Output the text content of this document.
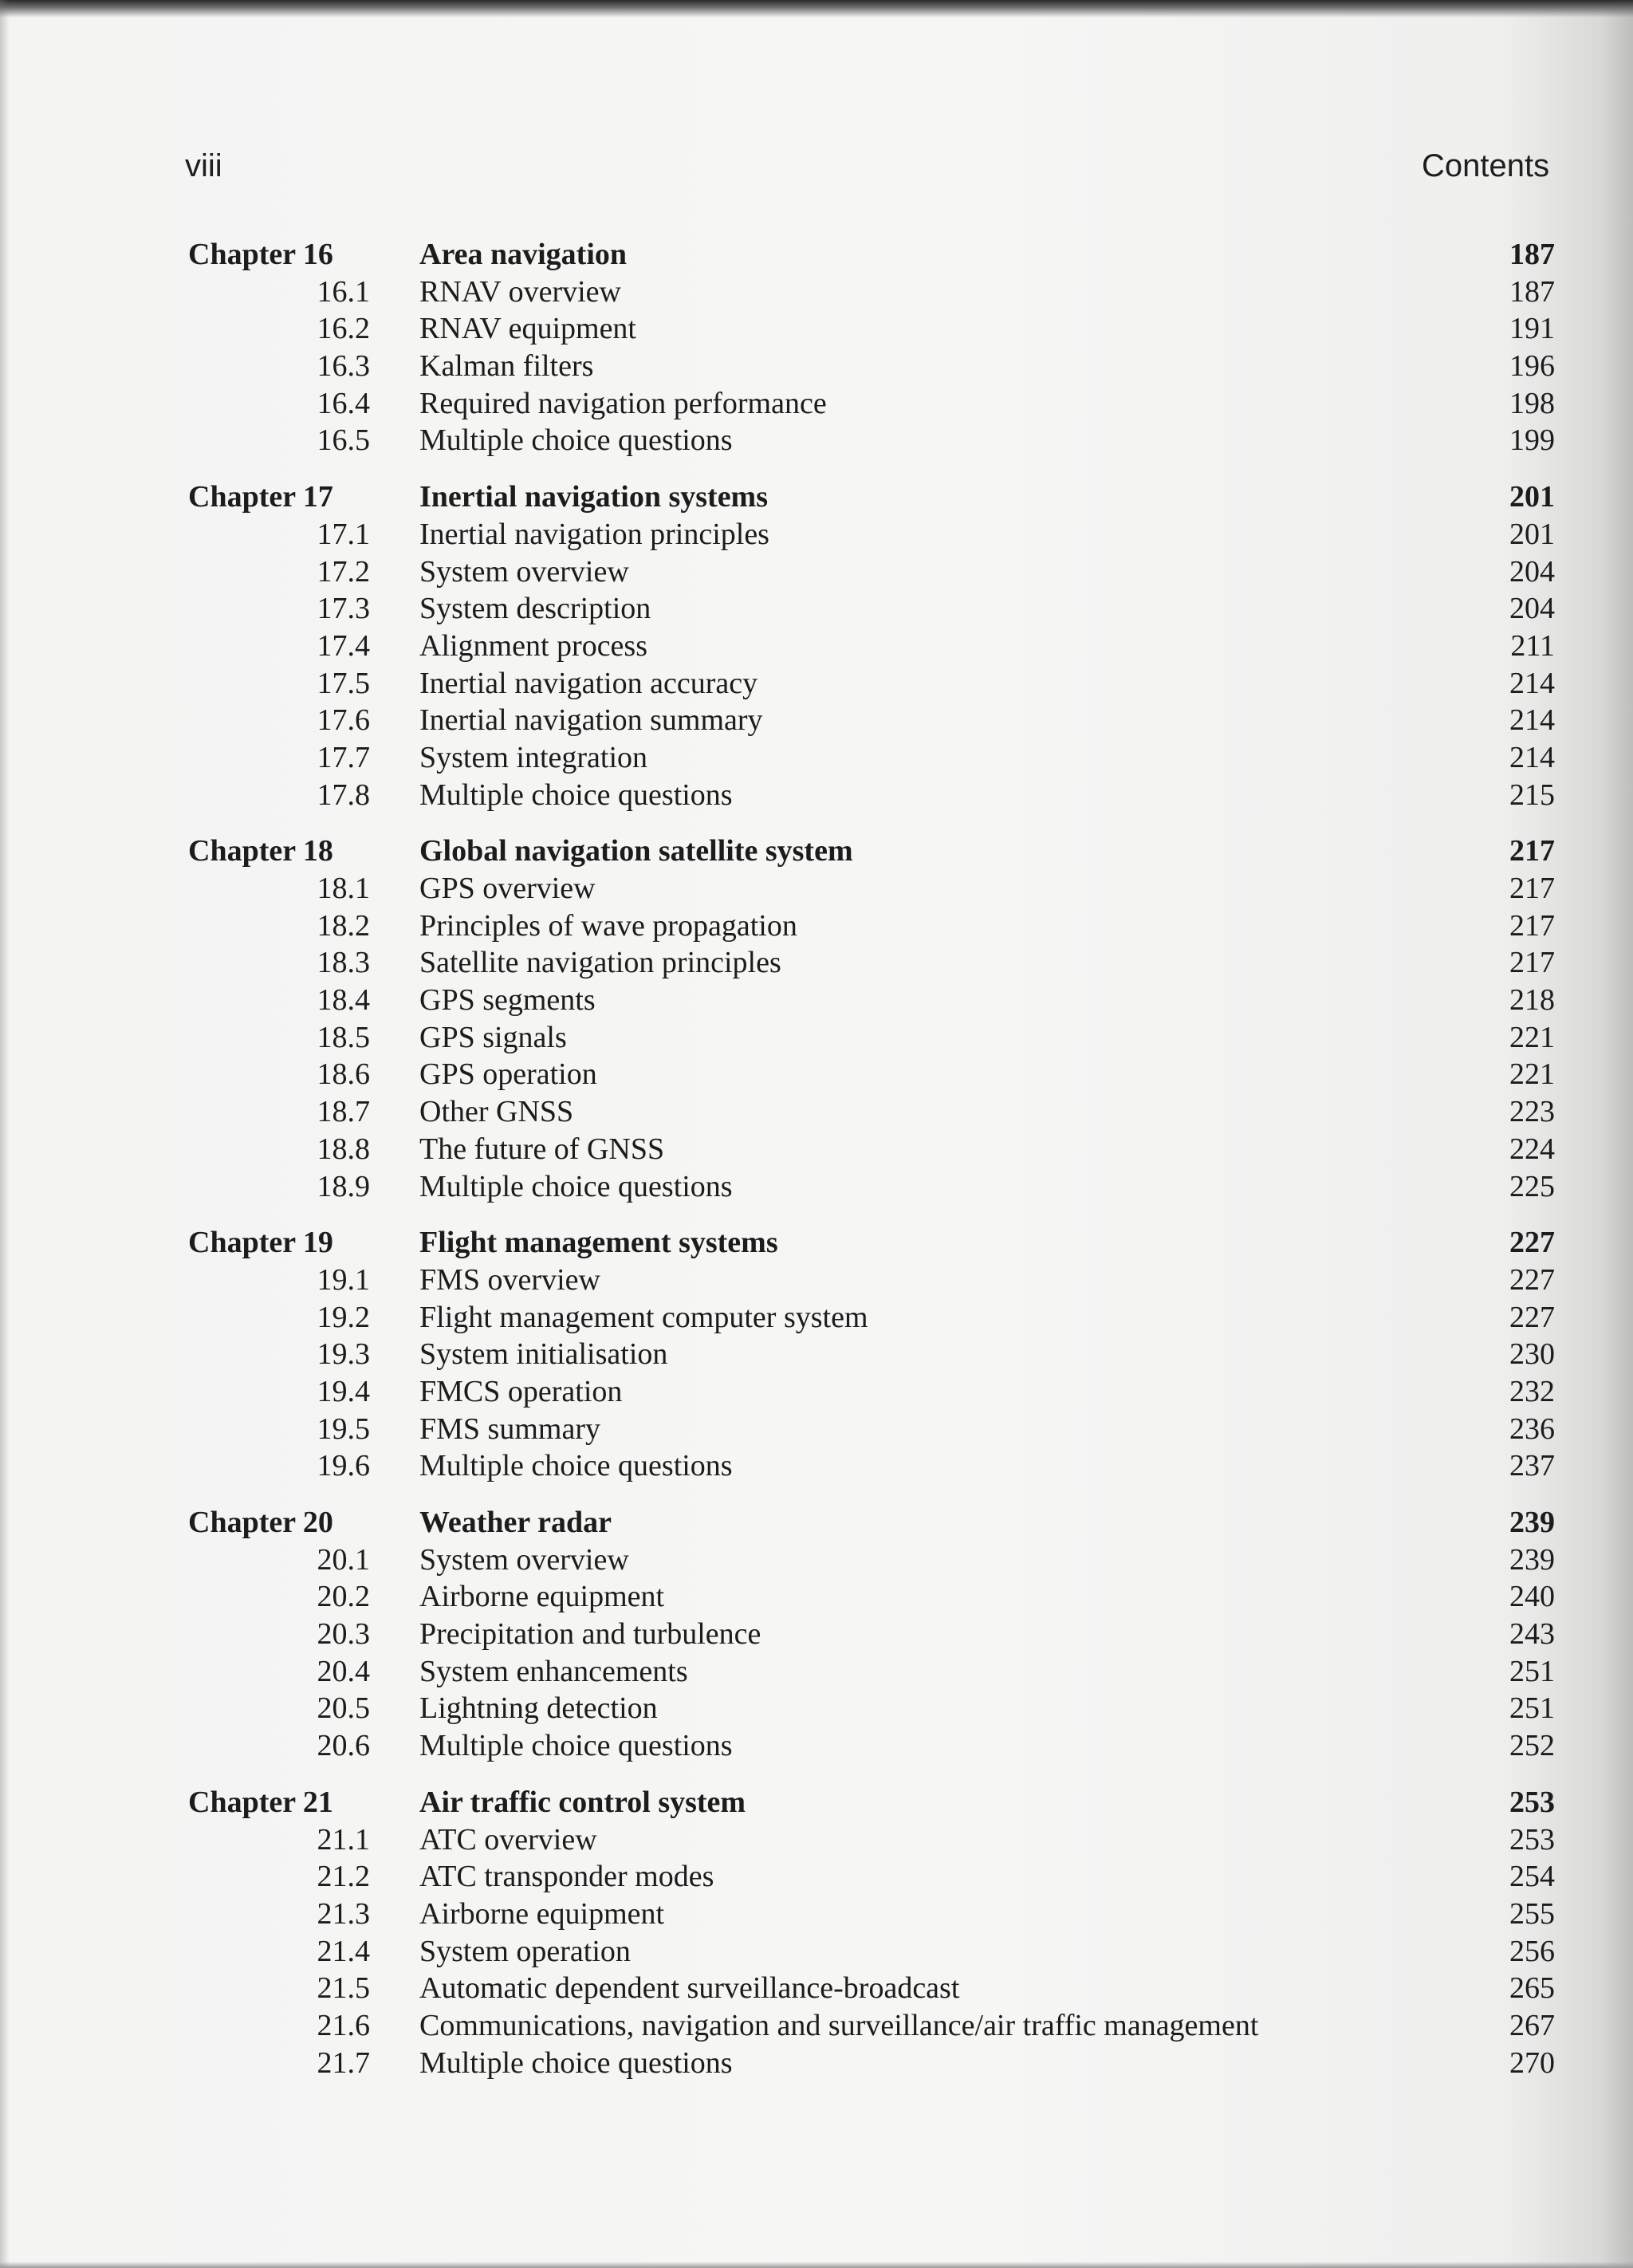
viii	Contents
Chapter 16	Area navigation	187
16.1 RNAV overview	187
16.2 RNAV equipment	191
16.3 Kalman filters	196
16.4 Required navigation performance	198
16.5 Multiple choice questions	199
Chapter 17	Inertial navigation systems	201
17.1 Inertial navigation principles	201
17.2 System overview	204
17.3 System description	204
17.4 Alignment process	211
17.5 Inertial navigation accuracy	214
17.6 Inertial navigation summary	214
17.7 System integration	214
17.8 Multiple choice questions	215
Chapter 18	Global navigation satellite system	217
18.1 GPS overview	217
18.2 Principles of wave propagation	217
18.3 Satellite navigation principles	217
18.4 GPS segments	218
18.5 GPS signals	221
18.6 GPS operation	221
18.7 Other GNSS	223
18.8 The future of GNSS	224
18.9 Multiple choice questions	225
Chapter 19	Flight management systems	227
19.1 FMS overview	227
19.2 Flight management computer system	227
19.3 System initialisation	230
19.4 FMCS operation	232
19.5 FMS summary	236
19.6 Multiple choice questions	237
Chapter 20	Weather radar	239
20.1 System overview	239
20.2 Airborne equipment	240
20.3 Precipitation and turbulence	243
20.4 System enhancements	251
20.5 Lightning detection	251
20.6 Multiple choice questions	252
Chapter 21	Air traffic control system	253
21.1 ATC overview	253
21.2 ATC transponder modes	254
21.3 Airborne equipment	255
21.4 System operation	256
21.5 Automatic dependent surveillance-broadcast	265
21.6 Communications, navigation and surveillance/air traffic management	267
21.7 Multiple choice questions	270
